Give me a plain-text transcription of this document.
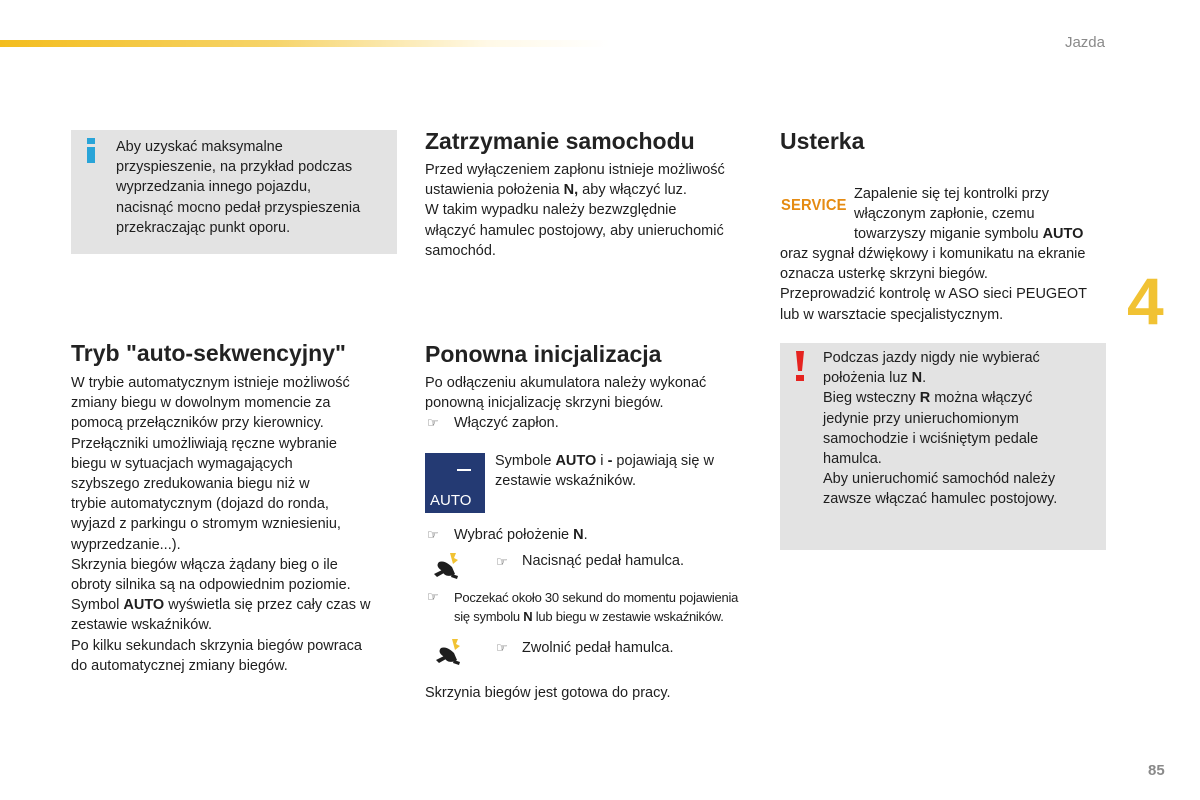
Jazda
4
85
Aby uzyskać maksymalne
przyspieszenie, na przykład podczas
wyprzedzania innego pojazdu,
nacisnąć mocno pedał przyspieszenia
przekraczając punkt oporu.
Tryb "auto-sekwencyjny"
W trybie automatycznym istnieje możliwość
zmiany biegu w dowolnym momencie za
pomocą przełączników przy kierownicy.
Przełączniki umożliwiają ręczne wybranie
biegu w sytuacjach wymagających
szybszego zredukowania biegu niż w
trybie automatycznym (dojazd do ronda,
wyjazd z parkingu o stromym wzniesieniu,
wyprzedzanie...).
Skrzynia biegów włącza żądany bieg o ile
obroty silnika są na odpowiednim poziomie.
Symbol AUTO wyświetla się przez cały czas w
zestawie wskaźników.
Po kilku sekundach skrzynia biegów powraca
do automatycznej zmiany biegów.
Zatrzymanie samochodu
Przed wyłączeniem zapłonu istnieje możliwość
ustawienia położenia N, aby włączyć luz.
W takim wypadku należy bezwzględnie
włączyć hamulec postojowy, aby unieruchomić
samochód.
Ponowna inicjalizacja
Po odłączeniu akumulatora należy wykonać
ponowną inicjalizację skrzyni biegów.
☞ Włączyć zapłon.
AUTO
Symbole AUTO i - pojawiają się w
zestawie wskaźników.
☞ Wybrać położenie N.
☞ Nacisnąć pedał hamulca.
☞ Poczekać około 30 sekund do momentu pojawienia
się symbolu N lub biegu w zestawie wskaźników.
☞ Zwolnić pedał hamulca.
Skrzynia biegów jest gotowa do pracy.
Usterka
SERVICE
Zapalenie się tej kontrolki przy
włączonym zapłonie, czemu
towarzyszy miganie symbolu AUTO
oraz sygnał dźwiękowy i komunikatu na ekranie
oznacza usterkę skrzyni biegów.
Przeprowadzić kontrolę w ASO sieci PEUGEOT
lub w warsztacie specjalistycznym.
Podczas jazdy nigdy nie wybierać
położenia luz N.
Bieg wsteczny R można włączyć
jedynie przy unieruchomionym
samochodzie i wciśniętym pedale
hamulca.
Aby unieruchomić samochód należy
zawsze włączać hamulec postojowy.
